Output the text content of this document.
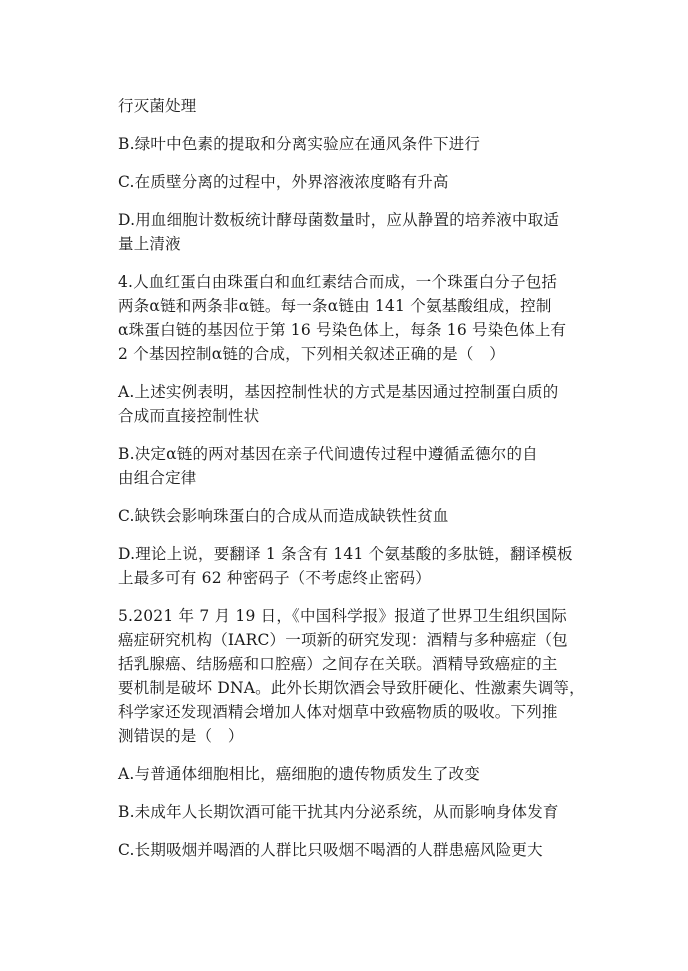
行灭菌处理

B.绿叶中色素的提取和分离实验应在通风条件下进行

C.在质壁分离的过程中，外界溶液浓度略有升高

D.用血细胞计数板统计酵母菌数量时，应从静置的培养液中取适
量上清液

4.人血红蛋白由珠蛋白和血红素结合而成，一个珠蛋白分子包括
两条α链和两条非α链。每一条α链由 141 个氨基酸组成，控制
α珠蛋白链的基因位于第 16 号染色体上，每条 16 号染色体上有
2 个基因控制α链的合成，下列相关叙述正确的是（　）

A.上述实例表明，基因控制性状的方式是基因通过控制蛋白质的
合成而直接控制性状

B.决定α链的两对基因在亲子代间遗传过程中遵循孟德尔的自
由组合定律

C.缺铁会影响珠蛋白的合成从而造成缺铁性贫血

D.理论上说，要翻译 1 条含有 141 个氨基酸的多肽链，翻译模板
上最多可有 62 种密码子（不考虑终止密码）

5.2021 年 7 月 19 日，《中国科学报》报道了世界卫生组织国际
癌症研究机构（IARC）一项新的研究发现：酒精与多种癌症（包
括乳腺癌、结肠癌和口腔癌）之间存在关联。酒精导致癌症的主
要机制是破坏 DNA。此外长期饮酒会导致肝硬化、性激素失调等，
科学家还发现酒精会增加人体对烟草中致癌物质的吸收。下列推
测错误的是（　）

A.与普通体细胞相比，癌细胞的遗传物质发生了改变

B.未成年人长期饮酒可能干扰其内分泌系统，从而影响身体发育

C.长期吸烟并喝酒的人群比只吸烟不喝酒的人群患癌风险更大
